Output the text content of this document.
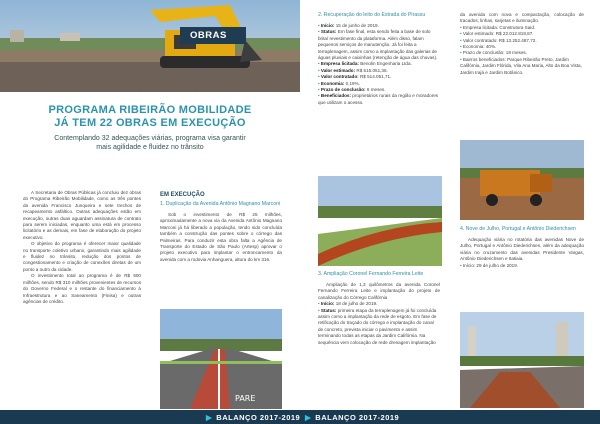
OBRAS
PROGRAMA RIBEIRÃO MOBILIDADE
JÁ TEM 22 OBRAS EM EXECUÇÃO
Contemplando 32 adequações viárias, programa visa garantir
mais agilidade e fluidez no trânsito

A Secretaria de Obras Públicas já concluiu dez obras do Programa Ribeirão Mobilidade, como as três pontes da avenida Francisco Junqueira e sete trechos de recapeamento asfáltico. Outras adequações estão em execução, outras duas aguardam assinatura de contrato para serem iniciadas, enquanto uma está em processo licitatório e as demais, em fase de elaboração do projeto executivo.

O objetivo do programa é oferecer maior qualidade no transporte coletivo urbano, garantindo mais agilidade e fluidez no trânsito, redução dos pontos de congestionamento e criação de conexões diretas de um ponto a outro da cidade.

O investimento total ao programa é de R$ 500 milhões, sendo R$ 310 milhões provenientes de recursos do Governo Federal e o restante do financiamento à Infraestrutura e ao Saneamento (Finisa) e outras agências de crédito.

EM EXECUÇÃO
1. Duplicação da Avenida Antônio Magnano Marconi

Sob o investimento de R$ 25 milhões, aproximadamente a nova via da Avenida Antônio Magnano Marconi já há liberado a população, tendo sido concluída também a construção das pontes sobre o córrego das Palmeiras. Para conduzir esta obra falta a Agência de Transporte do Estado de São Paulo (Artesp) aprovar o projeto executivo para implantar o entroncamento da avenida com a rodovia Anhanguera, altura do km 316.

PARE
2. Recuperação do leito do Estrada do Pirassu

• Início: 15 de junho de 2019.

• Status: Em fase final, esta sendo feita a base de solo brita/ revestimento da plataforma. Além disso, falam pequenos serviços de manutenção. Já foi feita a terraplenagem, assim como a implantação das galerias de águas pluviais e caixinhas (retenção de água das chuvas).

• Empresa licitada: Benolin Engenharia Ltda.

• Valor estimado: R$ 515.051,36.

• Valor contratado: R$ 514.051,71.

• Economia: 0,19%.

• Prazo de conclusão: 6 meses.

• Beneficiados: proprietários rurais da região e moradores que utilizam o acesso.

3. Ampliação Coronel Fernando Ferreira Leite

Ampliação de 1,3 quilômetros da avenida Coronel Fernando Ferreira Leite e implantação do projeto de canalização do Córrego Califórnia

• Início: 18 de julho de 2019.

• Status: primeira etapa da terraplenagem já foi concluída assim como a implantação da rede de esgoto. Em fase de retificação do traçado do córrego e implantação do canal de concreto, prevista iniciar o pavimento e assim terminando todas as etapas da Jardim Califórnia. Na sequência vem colocação de rede drenagem implantação

da avenida com nova e compactação, colocação de tracados, linhas, sarjetas e iluminação.

• Empresa licitada: Construtora Said.

• Valor estimado: R$ 22.012.818,87.

• Valor contratado: R$ 13.252.487,72.

• Economia: 40%.

• Prazo de conclusão: 18 meses.

• Bairros beneficiados: Parque Ribeirão Preto, Jardim Califórnia, Jardim Flórida, Vila Ana Maria, Alto da Boa Vista, Jardim Irajá e Jardim Botânico.

4. Nove de Julho, Portugal e Antônio Diederichsen

Adequação viária no rotatória das avenidas Nove de Julho, Portugal e Antônio Diederichsen, além da adequação viária no cruzamento das avenidas Presidente Vargas, Antônio Diederichsen e Itatiaia.

• Início: 29 de julho de 2019.

▶ BALANÇO 2017-2019 ▶ BALANÇO 2017-2019
